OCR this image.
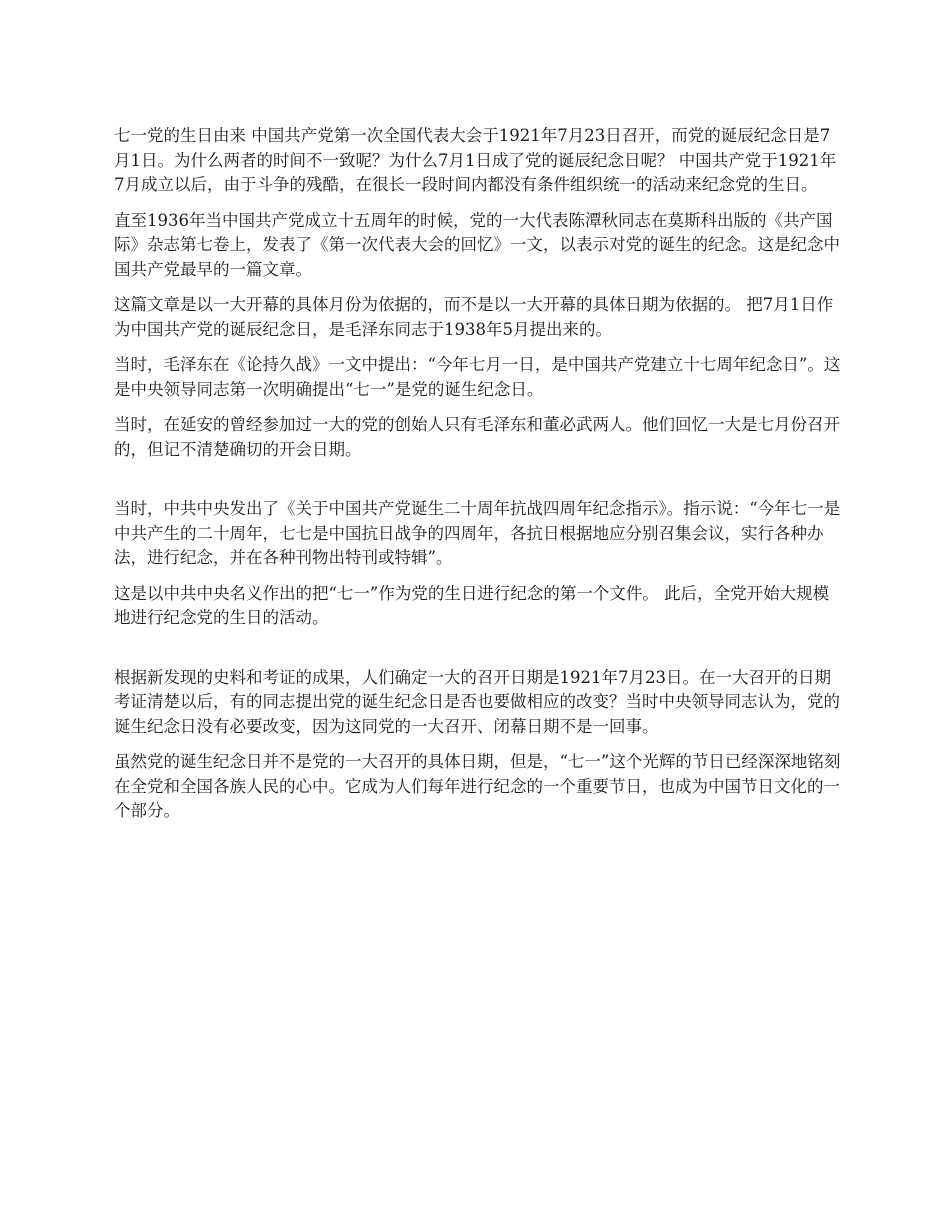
七一党的生日由来 中国共产党第一次全国代表大会于1921年7月23日召开，而党的诞辰纪念日是7月1日。为什么两者的时间不一致呢？为什么7月1日成了党的诞辰纪念日呢？ 中国共产党于1921年7月成立以后，由于斗争的残酷，在很长一段时间内都没有条件组织统一的活动来纪念党的生日。

直至1936年当中国共产党成立十五周年的时候，党的一大代表陈潭秋同志在莫斯科出版的《共产国际》杂志第七卷上，发表了《第一次代表大会的回忆》一文，以表示对党的诞生的纪念。这是纪念中国共产党最早的一篇文章。

这篇文章是以一大开幕的具体月份为依据的，而不是以一大开幕的具体日期为依据的。 把7月1日作为中国共产党的诞辰纪念日，是毛泽东同志于1938年5月提出来的。

当时，毛泽东在《论持久战》一文中提出：“今年七月一日，是中国共产党建立十七周年纪念日”。这是中央领导同志第一次明确提出“七一”是党的诞生纪念日。

当时，在延安的曾经参加过一大的党的创始人只有毛泽东和董必武两人。他们回忆一大是七月份召开的，但记不清楚确切的开会日期。

当时，中共中央发出了《关于中国共产党诞生二十周年抗战四周年纪念指示》。指示说：“今年七一是中共产生的二十周年，七七是中国抗日战争的四周年，各抗日根据地应分别召集会议，实行各种办法，进行纪念，并在各种刊物出特刊或特辑”。

这是以中共中央名义作出的把“七一”作为党的生日进行纪念的第一个文件。 此后，全党开始大规模地进行纪念党的生日的活动。

根据新发现的史料和考证的成果，人们确定一大的召开日期是1921年7月23日。在一大召开的日期考证清楚以后，有的同志提出党的诞生纪念日是否也要做相应的改变？当时中央领导同志认为，党的诞生纪念日没有必要改变，因为这同党的一大召开、闭幕日期不是一回事。

虽然党的诞生纪念日并不是党的一大召开的具体日期，但是，“七一”这个光辉的节日已经深深地铭刻在全党和全国各族人民的心中。它成为人们每年进行纪念的一个重要节日，也成为中国节日文化的一个部分。
